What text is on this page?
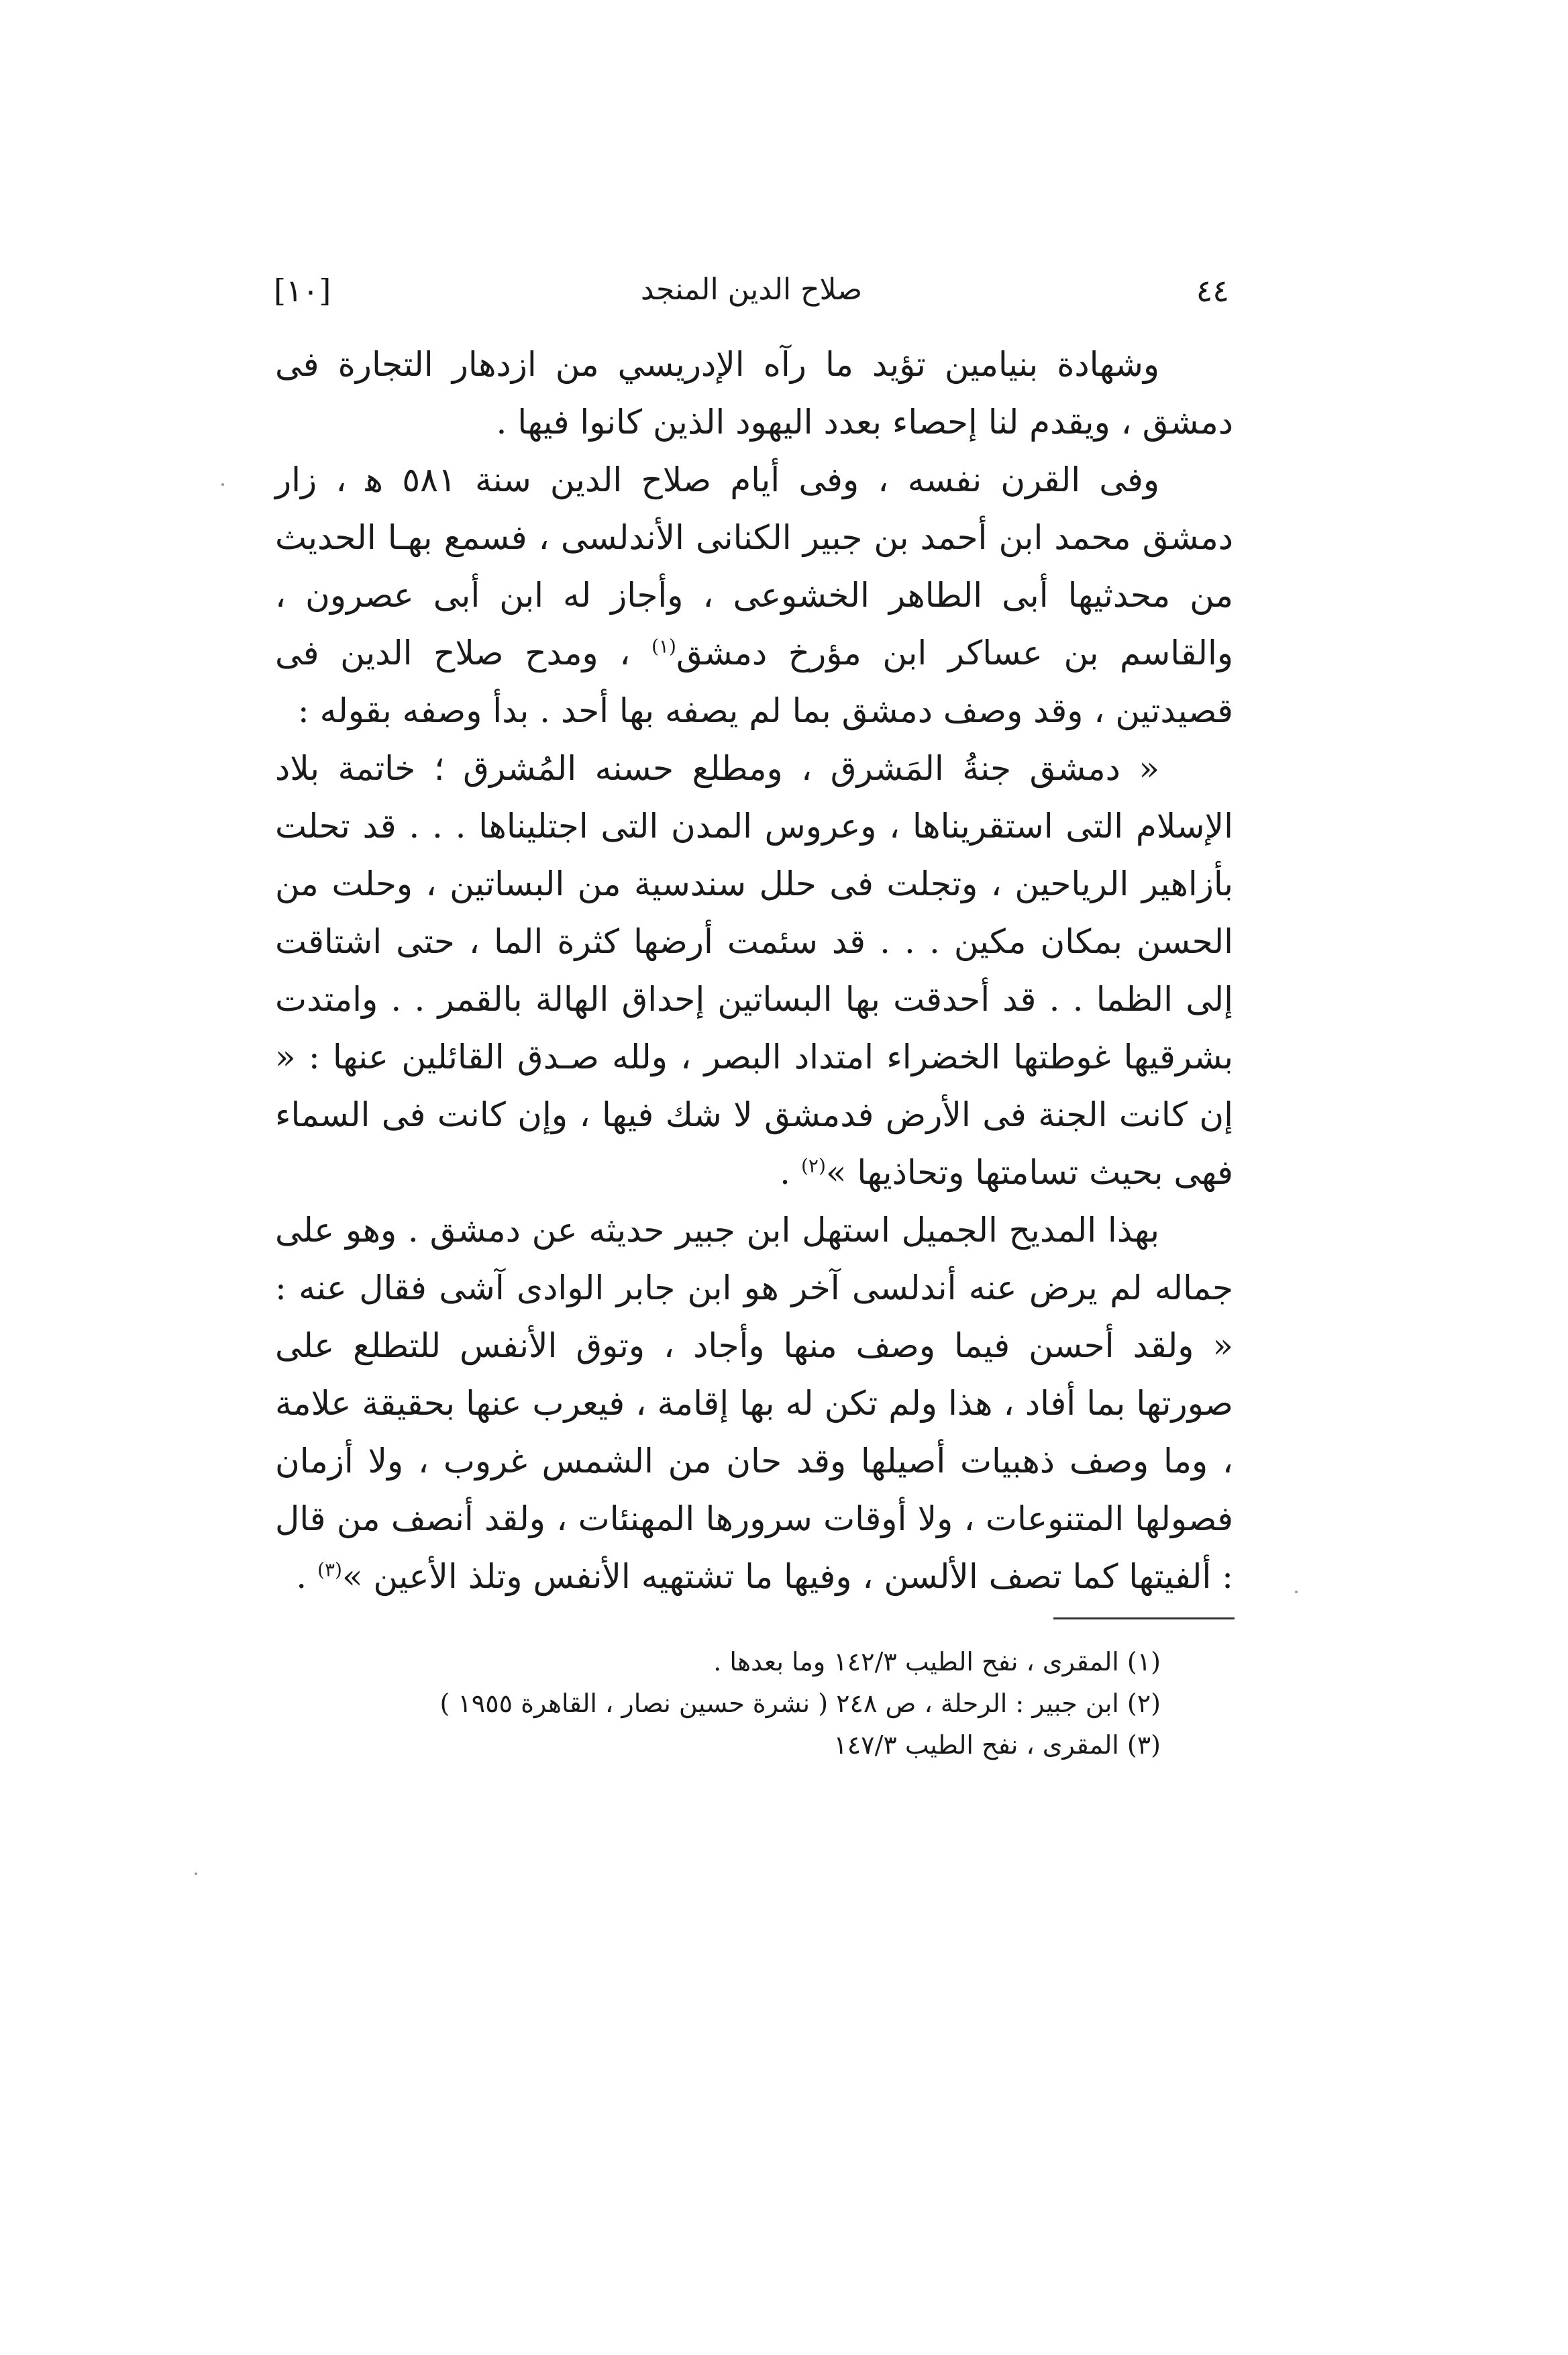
[١٠]	صلاح الدين المنجد	٤٤

وشهادة بنيامين تؤيد ما رآه الإدريسي من ازدهار التجارة فى دمشق ، ويقدم لنا إحصاء بعدد اليهود الذين كانوا فيها .

وفى القرن نفسه ، وفى أيام صلاح الدين سنة ٥٨١ ه‍ ، زار دمشق محمد ابن أحمد بن جبير الكنانى الأندلسى ، فسمع بهـا الحديث من محدثيها أبى الطاهر الخشوعى ، وأجاز له ابن أبى عصرون ، والقاسم بن عساكر ابن مؤرخ دمشق$^{(١)}$ ، ومدح صلاح الدين فى قصيدتين ، وقد وصف دمشق بما لم يصفه بها أحد . بدأ وصفه بقوله :

« دمشق جنةُ المَشرق ، ومطلع حسنه المُشرق ؛ خاتمة بلاد الإسلام التى استقريناها ، وعروس المدن التى اجتليناها . . . قد تحلت بأزاهير الرياحين ، وتجلت فى حلل سندسية من البساتين ، وحلت من الحسن بمكان مكين . . . قد سئمت أرضها كثرة الما ، حتى اشتاقت إلى الظما . . قد أحدقت بها البساتين إحداق الهالة بالقمر . . وامتدت بشرقيها غوطتها الخضراء امتداد البصر ، ولله صـدق القائلين عنها : « إن كانت الجنة فى الأرض فدمشق لا شك فيها ، وإن كانت فى السماء فهى بحيث تسامتها وتحاذيها »$^{(٢)}$ .

بهذا المديح الجميل استهل ابن جبير حديثه عن دمشق . وهو على جماله لم يرض عنه أندلسى آخر هو ابن جابر الوادى آشى فقال عنه : « ولقد أحسن فيما وصف منها وأجاد ، وتوق الأنفس للتطلع على صورتها بما أفاد ، هذا ولم تكن له بها إقامة ، فيعرب عنها بحقيقة علامة ، وما وصف ذهبيات أصيلها وقد حان من الشمس غروب ، ولا أزمان فصولها المتنوعات ، ولا أوقات سرورها المهنئات ، ولقد أنصف من قال : ألفيتها كما تصف الألسن ، وفيها ما تشتهيه الأنفس وتلذ الأعين »$^{(٣)}$ .

(١) المقرى ، نفح الطيب ١٤٢/٣ وما بعدها .
(٢) ابن جبير : الرحلة ، ص ٢٤٨ ( نشرة حسين نصار ، القاهرة ١٩٥٥ )
(٣) المقرى ، نفح الطيب ١٤٧/٣
